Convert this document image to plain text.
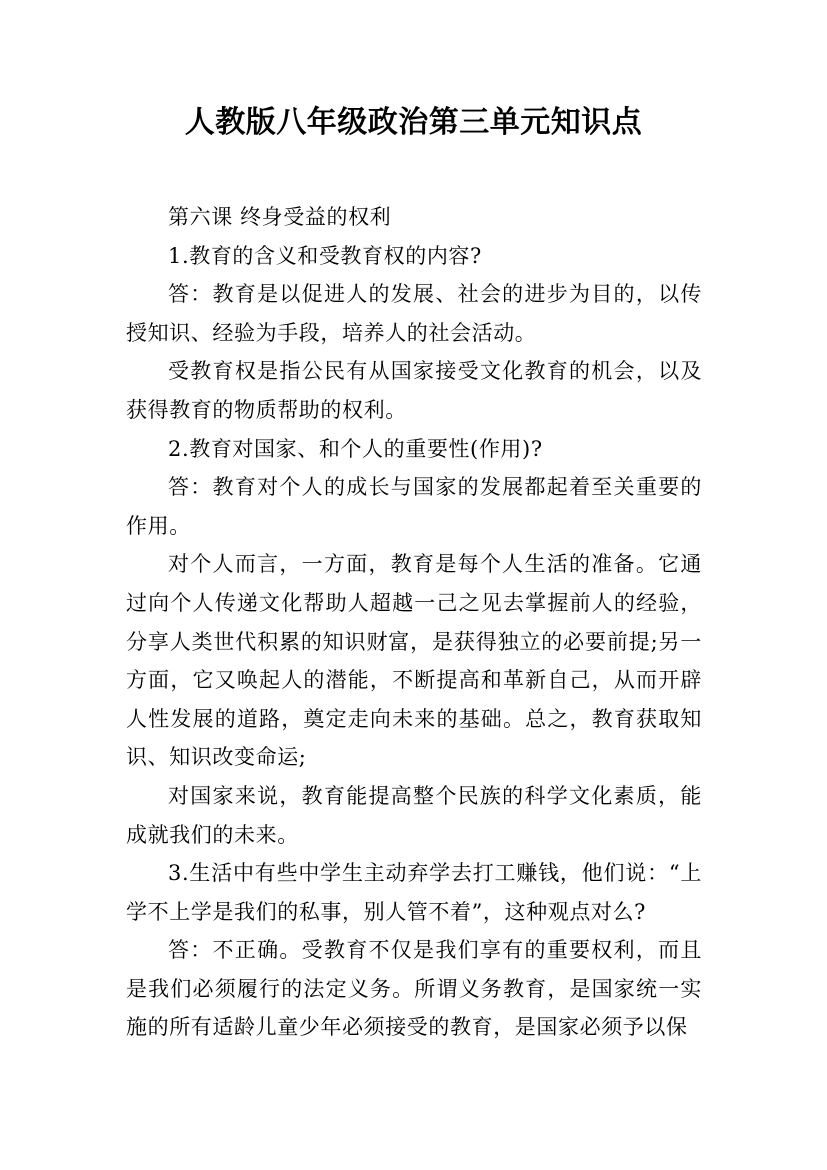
人教版八年级政治第三单元知识点

第六课 终身受益的权利

1.教育的含义和受教育权的内容?

答：教育是以促进人的发展、社会的进步为目的，以传授知识、经验为手段，培养人的社会活动。

受教育权是指公民有从国家接受文化教育的机会，以及获得教育的物质帮助的权利。

2.教育对国家、和个人的重要性(作用)?

答：教育对个人的成长与国家的发展都起着至关重要的作用。

对个人而言，一方面，教育是每个人生活的准备。它通过向个人传递文化帮助人超越一己之见去掌握前人的经验，分享人类世代积累的知识财富，是获得独立的必要前提;另一方面，它又唤起人的潜能，不断提高和革新自己，从而开辟人性发展的道路，奠定走向未来的基础。总之，教育获取知识、知识改变命运;

对国家来说，教育能提高整个民族的科学文化素质，能成就我们的未来。

3.生活中有些中学生主动弃学去打工赚钱，他们说：“上学不上学是我们的私事，别人管不着”，这种观点对么?

答：不正确。受教育不仅是我们享有的重要权利，而且是我们必须履行的法定义务。所谓义务教育，是国家统一实施的所有适龄儿童少年必须接受的教育，是国家必须予以保
